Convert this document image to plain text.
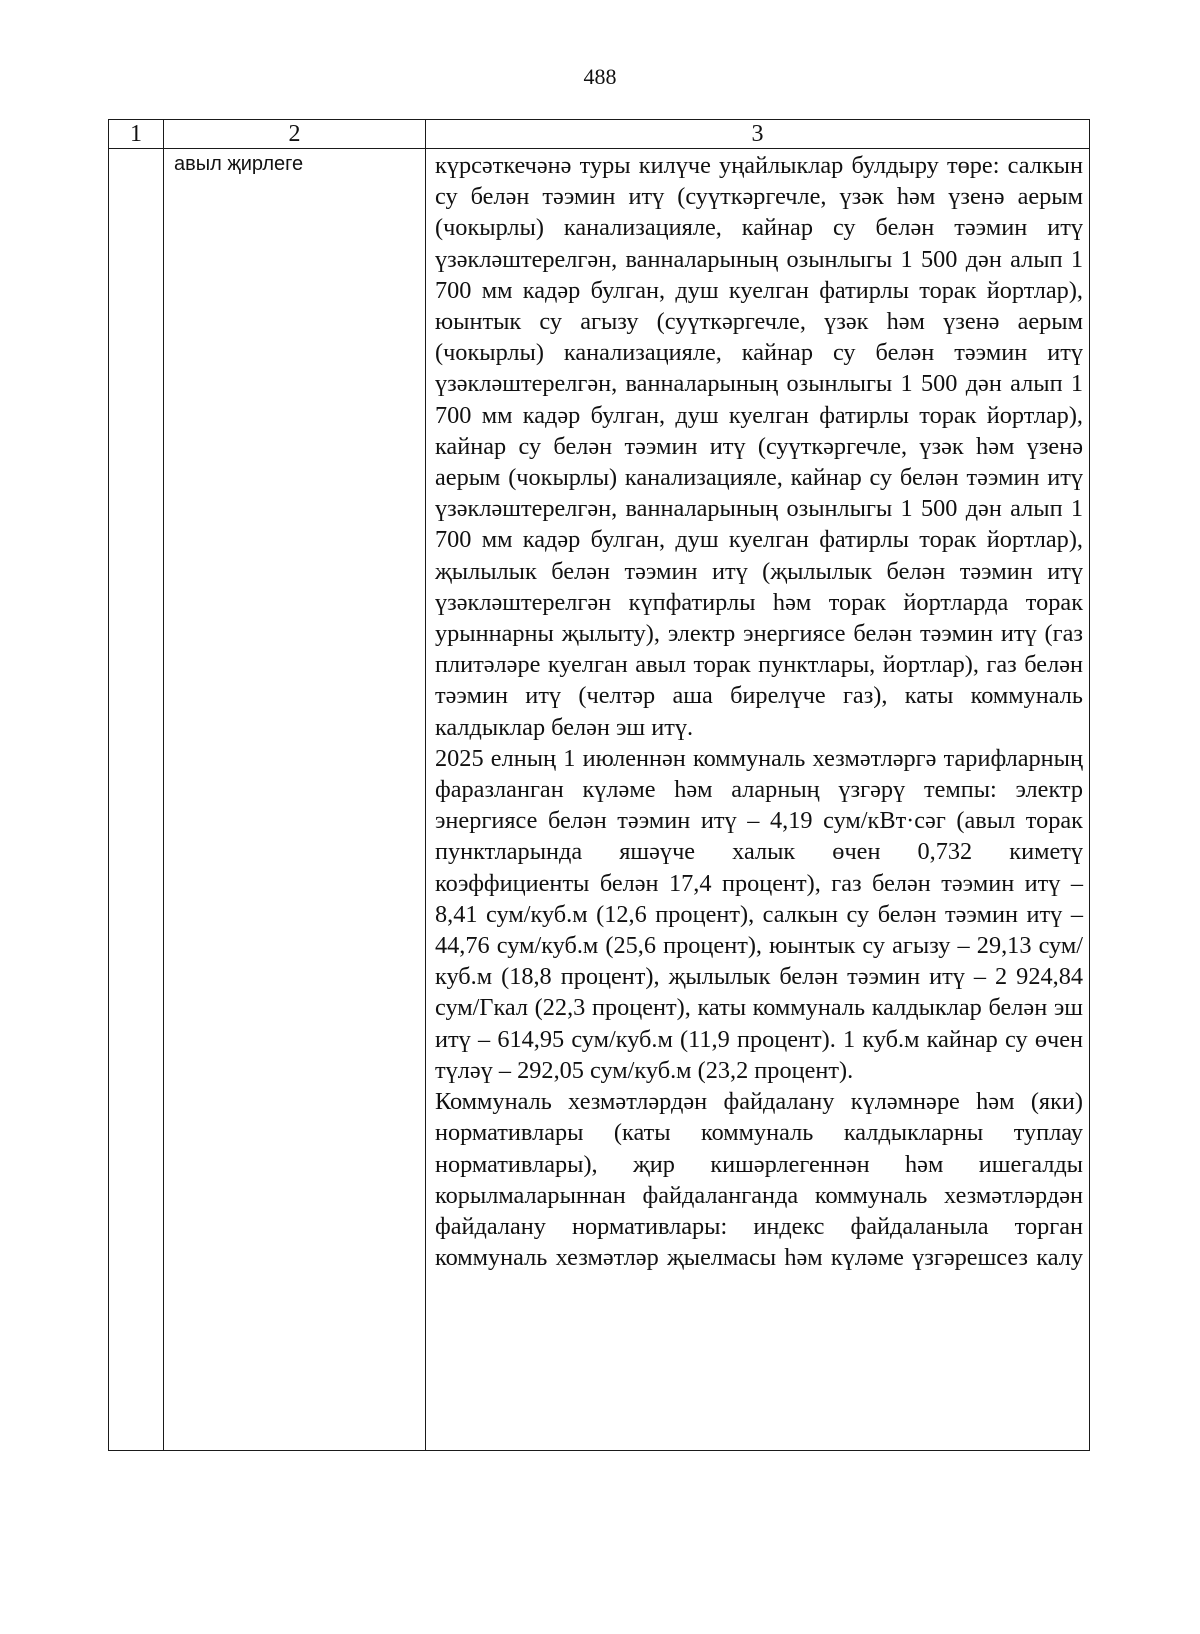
488
1	2	3
	авыл җирлеге	күрсәткечәнә туры килүче уңайлыклар булдыру төре: салкын су белән тәэмин итү (суүткәргечле, үзәк һәм үзенә аерым (чокырлы) канализацияле, кайнар су белән тәэмин итү үзәкләштерелгән, ванналарының озынлыгы 1 500 дән алып 1 700 мм кадәр булган, душ куелган фатирлы торак йортлар), юынтык су агызу (суүткәргечле, үзәк һәм үзенә аерым (чокырлы) канализацияле, кайнар су белән тәэмин итү үзәкләштерелгән, ванналарының озынлыгы 1 500 дән алып 1 700 мм кадәр булган, душ куелган фатирлы торак йортлар), кайнар су белән тәэмин итү (суүткәргечле, үзәк һәм үзенә аерым (чокырлы) канализацияле, кайнар су белән тәэмин итү үзәкләштерелгән, ванналарының озынлыгы 1 500 дән алып 1 700 мм кадәр булган, душ куелган фатирлы торак йортлар), җылылык белән тәэмин итү (җылылык белән тәэмин итү үзәкләштерелгән күпфатирлы һәм торак йортларда торак урыннарны җылыту), электр энергиясе белән тәэмин итү (газ плитәләре куелган авыл торак пунктлары, йортлар), газ белән тәэмин итү (челтәр аша бирелүче газ), каты коммуналь калдыклар белән эш итү.

2025 елның 1 июленнән коммуналь хезмәтләргә тарифларның фаразланган күләме һәм аларның үзгәрү темпы: электр энергиясе белән тәэмин итү – 4,19 сум/кВт·сәг (авыл торак пунктларында яшәүче халык өчен 0,732 киметү коэффициенты белән 17,4 процент), газ белән тәэмин итү – 8,41 сум/куб.м (12,6 процент), салкын су белән тәэмин итү – 44,76 сум/куб.м (25,6 процент), юынтык су агызу – 29,13 сум/куб.м (18,8 процент), җылылык белән тәэмин итү – 2 924,84 сум/Гкал (22,3 процент), каты коммуналь калдыклар белән эш итү – 614,95 сум/куб.м (11,9 процент). 1 куб.м кайнар су өчен түләү – 292,05 сум/куб.м (23,2 процент).

Коммуналь хезмәтләрдән файдалану күләмнәре һәм (яки) нормативлары (каты коммуналь калдыкларны туплау нормативлары), җир кишәрлегеннән һәм ишегалды корылмаларыннан файдаланганда коммуналь хезмәтләрдән файдалану нормативлары: индекс файдаланыла торган коммуналь хезмәтләр җыелмасы һәм күләме үзгәрешсез калу
